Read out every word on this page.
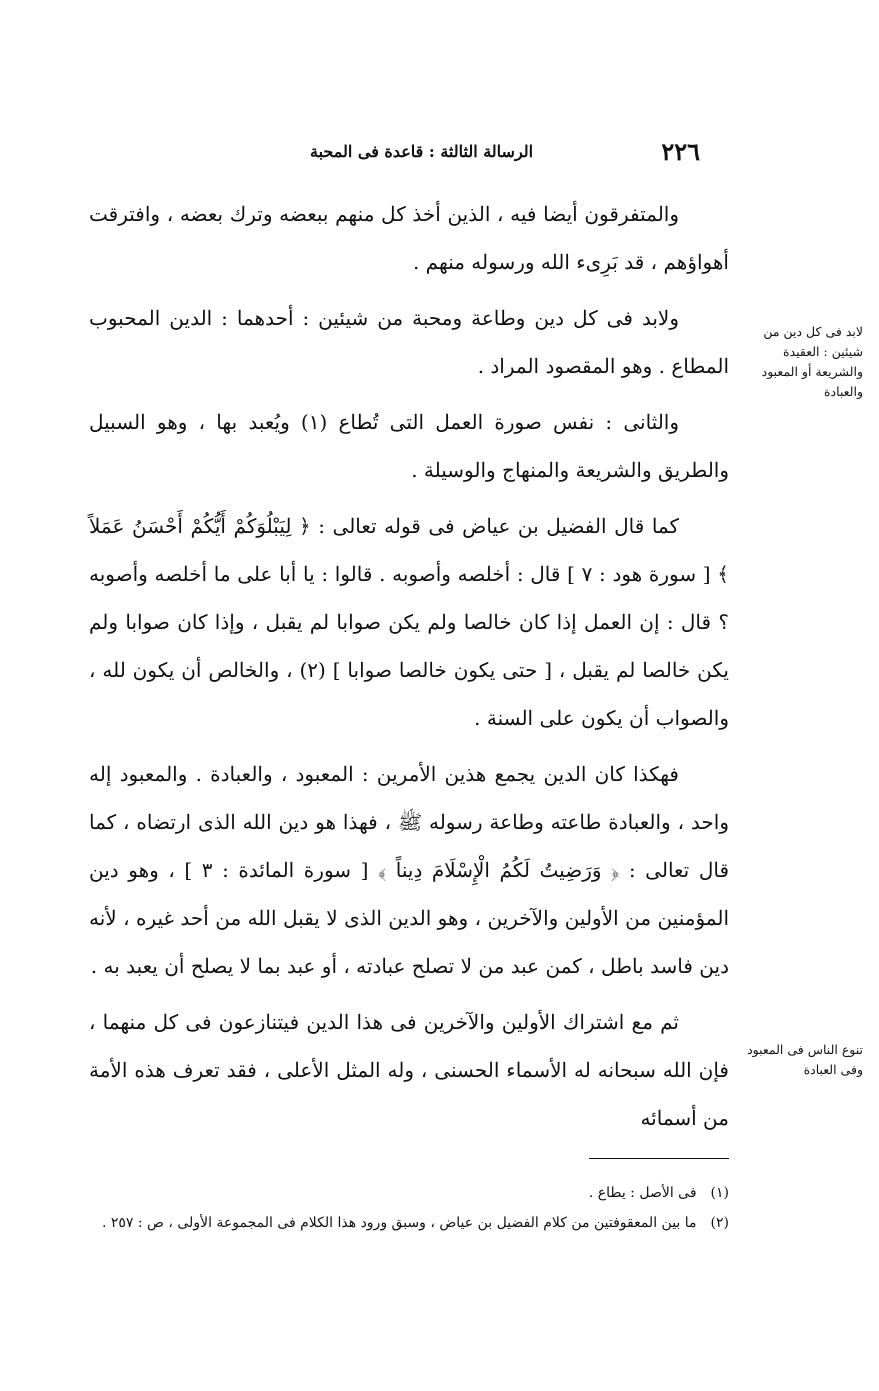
٢٢٦
الرسالة الثالثة : قاعدة فى المحبة

والمتفرقون أيضا فيه ، الذين أخذ كل منهم ببعضه وترك بعضه ، وافترقت أهواؤهم ، قد بَرِىء الله ورسوله منهم .

ولابد فى كل دين وطاعة ومحبة من شيئين : أحدهما : الدين المحبوب المطاع . وهو المقصود المراد .

والثانى : نفس صورة العمل التى تُطاع (١) ويُعبد بها ، وهو السبيل والطريق والشريعة والمنهاج والوسيلة .

كما قال الفضيل بن عياض فى قوله تعالى : ﴿ لِيَبْلُوَكُمْ أَيُّكُمْ أَحْسَنُ عَمَلاً ﴾ [ سورة هود : ٧ ] قال : أخلصه وأصوبه . قالوا : يا أبا على ما أخلصه وأصوبه ؟ قال : إن العمل إذا كان خالصا ولم يكن صوابا لم يقبل ، وإذا كان صوابا ولم يكن خالصا لم يقبل ، [ حتى يكون خالصا صوابا ] (٢) ، والخالص أن يكون لله ، والصواب أن يكون على السنة .

فهكذا كان الدين يجمع هذين الأمرين : المعبود ، والعبادة . والمعبود إله واحد ، والعبادة طاعته وطاعة رسوله ﷺ ، فهذا هو دين الله الذى ارتضاه ، كما قال تعالى : ﴿ وَرَضِيتُ لَكُمُ الْإِسْلَامَ دِيناً ﴾ [ سورة المائدة : ٣ ] ، وهو دين المؤمنين من الأولين والآخرين ، وهو الدين الذى لا يقبل الله من أحد غيره ، لأنه دين فاسد باطل ، كمن عبد من لا تصلح عبادته ، أو عبد بما لا يصلح أن يعبد به .

ثم مع اشتراك الأولين والآخرين فى هذا الدين فيتنازعون فى كل منهما ، فإن الله سبحانه له الأسماء الحسنى ، وله المثل الأعلى ، فقد تعرف هذه الأمة من أسمائه

لابد فى كل دين من شيئين : العقيدة والشريعة أو المعبود والعبادة
تنوع الناس فى المعبود وفى العبادة

(١)فى الأصل : يطاع .

(٢)ما بين المعقوفتين من كلام الفضيل بن عياض ، وسبق ورود هذا الكلام فى المجموعة الأولى ، ص : ٢٥٧ .
